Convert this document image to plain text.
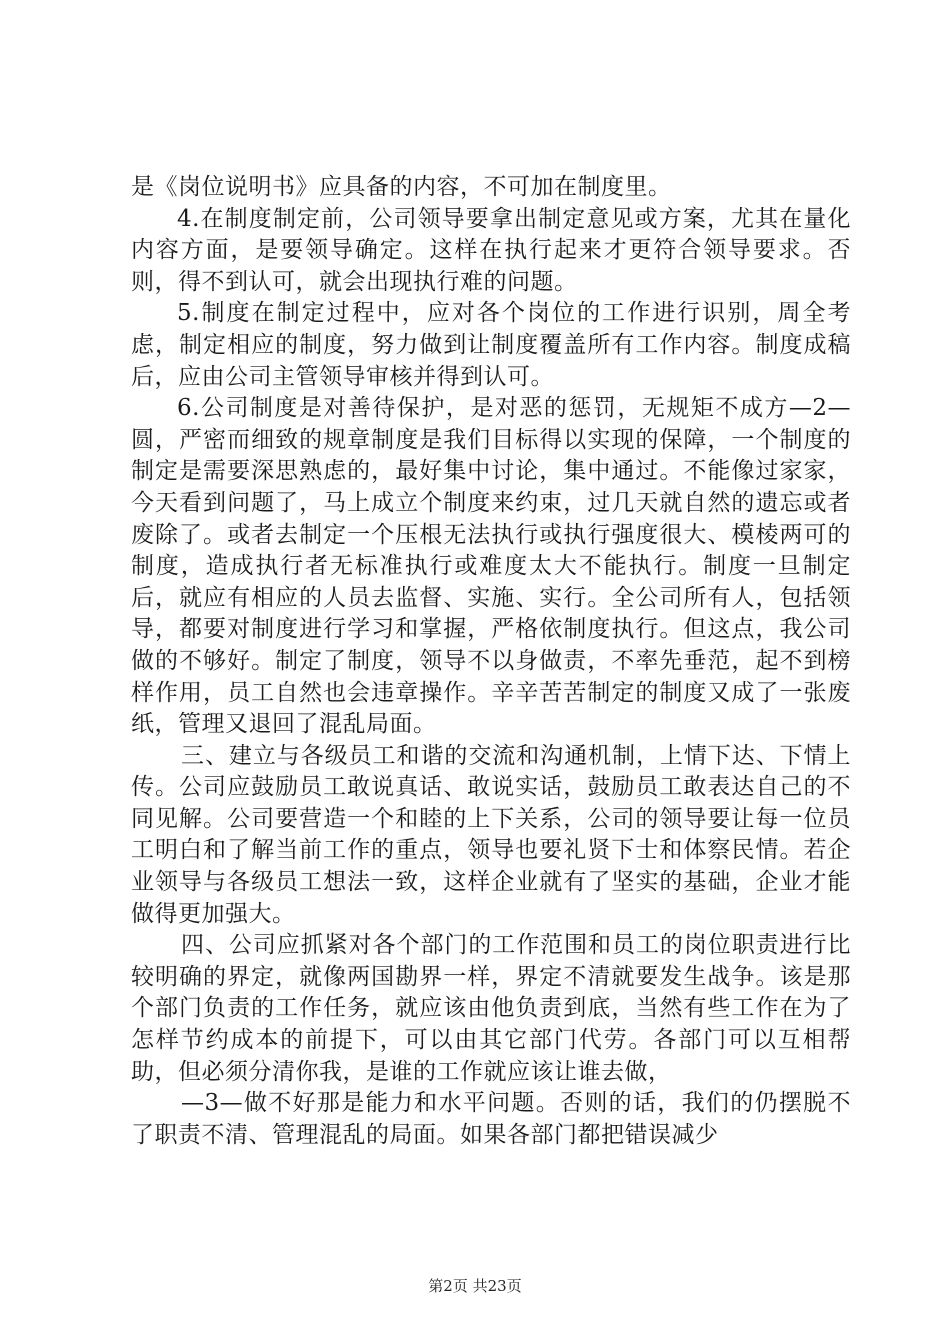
是《岗位说明书》应具备的内容，不可加在制度里。

4.在制度制定前，公司领导要拿出制定意见或方案，尤其在量化内容方面，是要领导确定。这样在执行起来才更符合领导要求。否则，得不到认可，就会出现执行难的问题。

5.制度在制定过程中，应对各个岗位的工作进行识别，周全考虑，制定相应的制度，努力做到让制度覆盖所有工作内容。制度成稿后，应由公司主管领导审核并得到认可。

6.公司制度是对善待保护，是对恶的惩罚，无规矩不成方—2—圆，严密而细致的规章制度是我们目标得以实现的保障，一个制度的制定是需要深思熟虑的，最好集中讨论，集中通过。不能像过家家，今天看到问题了，马上成立个制度来约束，过几天就自然的遗忘或者废除了。或者去制定一个压根无法执行或执行强度很大、模棱两可的制度，造成执行者无标准执行或难度太大不能执行。制度一旦制定后，就应有相应的人员去监督、实施、实行。全公司所有人，包括领导，都要对制度进行学习和掌握，严格依制度执行。但这点，我公司做的不够好。制定了制度，领导不以身做责，不率先垂范，起不到榜样作用，员工自然也会违章操作。辛辛苦苦制定的制度又成了一张废纸，管理又退回了混乱局面。

三、建立与各级员工和谐的交流和沟通机制，上情下达、下情上传。公司应鼓励员工敢说真话、敢说实话，鼓励员工敢表达自己的不同见解。公司要营造一个和睦的上下关系，公司的领导要让每一位员工明白和了解当前工作的重点，领导也要礼贤下士和体察民情。若企业领导与各级员工想法一致，这样企业就有了坚实的基础，企业才能做得更加强大。

四、公司应抓紧对各个部门的工作范围和员工的岗位职责进行比较明确的界定，就像两国勘界一样，界定不清就要发生战争。该是那个部门负责的工作任务，就应该由他负责到底，当然有些工作在为了怎样节约成本的前提下，可以由其它部门代劳。各部门可以互相帮助，但必须分清你我，是谁的工作就应该让谁去做，

—3—做不好那是能力和水平问题。否则的话，我们的仍摆脱不了职责不清、管理混乱的局面。如果各部门都把错误减少

第2页 共23页
